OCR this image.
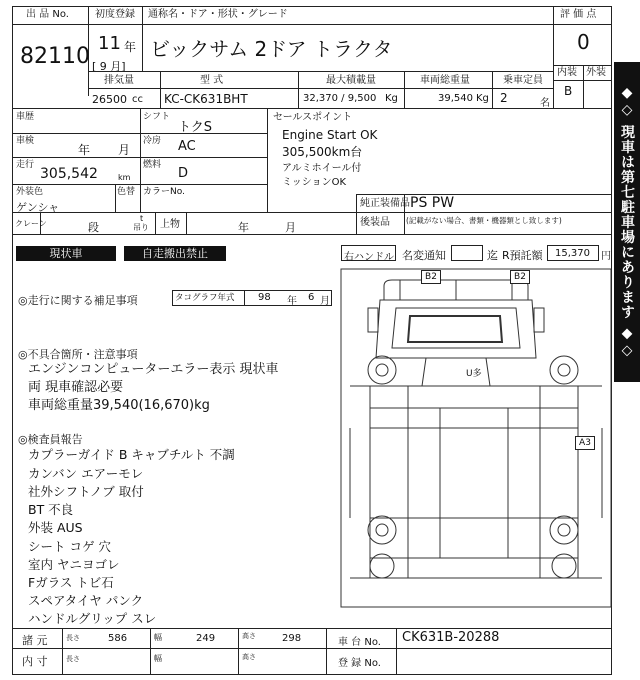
出 品 No.
82110
初度登録
11 年
[ 9 月]
通称名・ドア・形状・グレード
ビックサム 2ドア トラクタ
評 価 点
0
内装 外装
B
排気量
26500 cc
型 式
KC-CK631BHT
最大積載量
32,370 / 9,500 Kg
車両総重量
39,540 Kg
乗車定員
2	名
車歴	シフト
トクS
車検
年 月
冷房 AC
走行
305,542	km
燃料
D
外装色
ゲンシャ
色替 カラーNo.
セールスポイント
Engine Start OK
305,500km台
アルミホイール付
ミッションOK
純正装備品 PS PW
後装品 (記載がない場合、書類・機器類とし致します)
クレーン	段
t
吊り 上物	年	月
現状車	自走搬出禁止	右ハンドル 名変通知	迄 R預託額 15,370 円
◎走行に関する補足事項	タコグラフ年式 98 年 6 月
◎不具合箇所・注意事項
エンジンコンピューターエラー表示 現状車
両 現車確認必要
車両総重量39,540(16,670)kg
◎検査員報告
カプラーガイド B キャブチルト 不調
カンバン エアーモレ
社外シフトノブ 取付
BT 不良
外装 AUS
シート コゲ 穴
室内 ヤニヨゴレ
Fガラス トビ石
スペアタイヤ パンク
ハンドルグリップ スレ
B2	B2
U多
A3
◆◇ 現車は第七駐車場にあります ◆◇
諸 元	長さ	586	幅	249	高さ	298	車 台 No. CK631B-20288
内 寸	長さ	幅	高さ
登 録 No.
